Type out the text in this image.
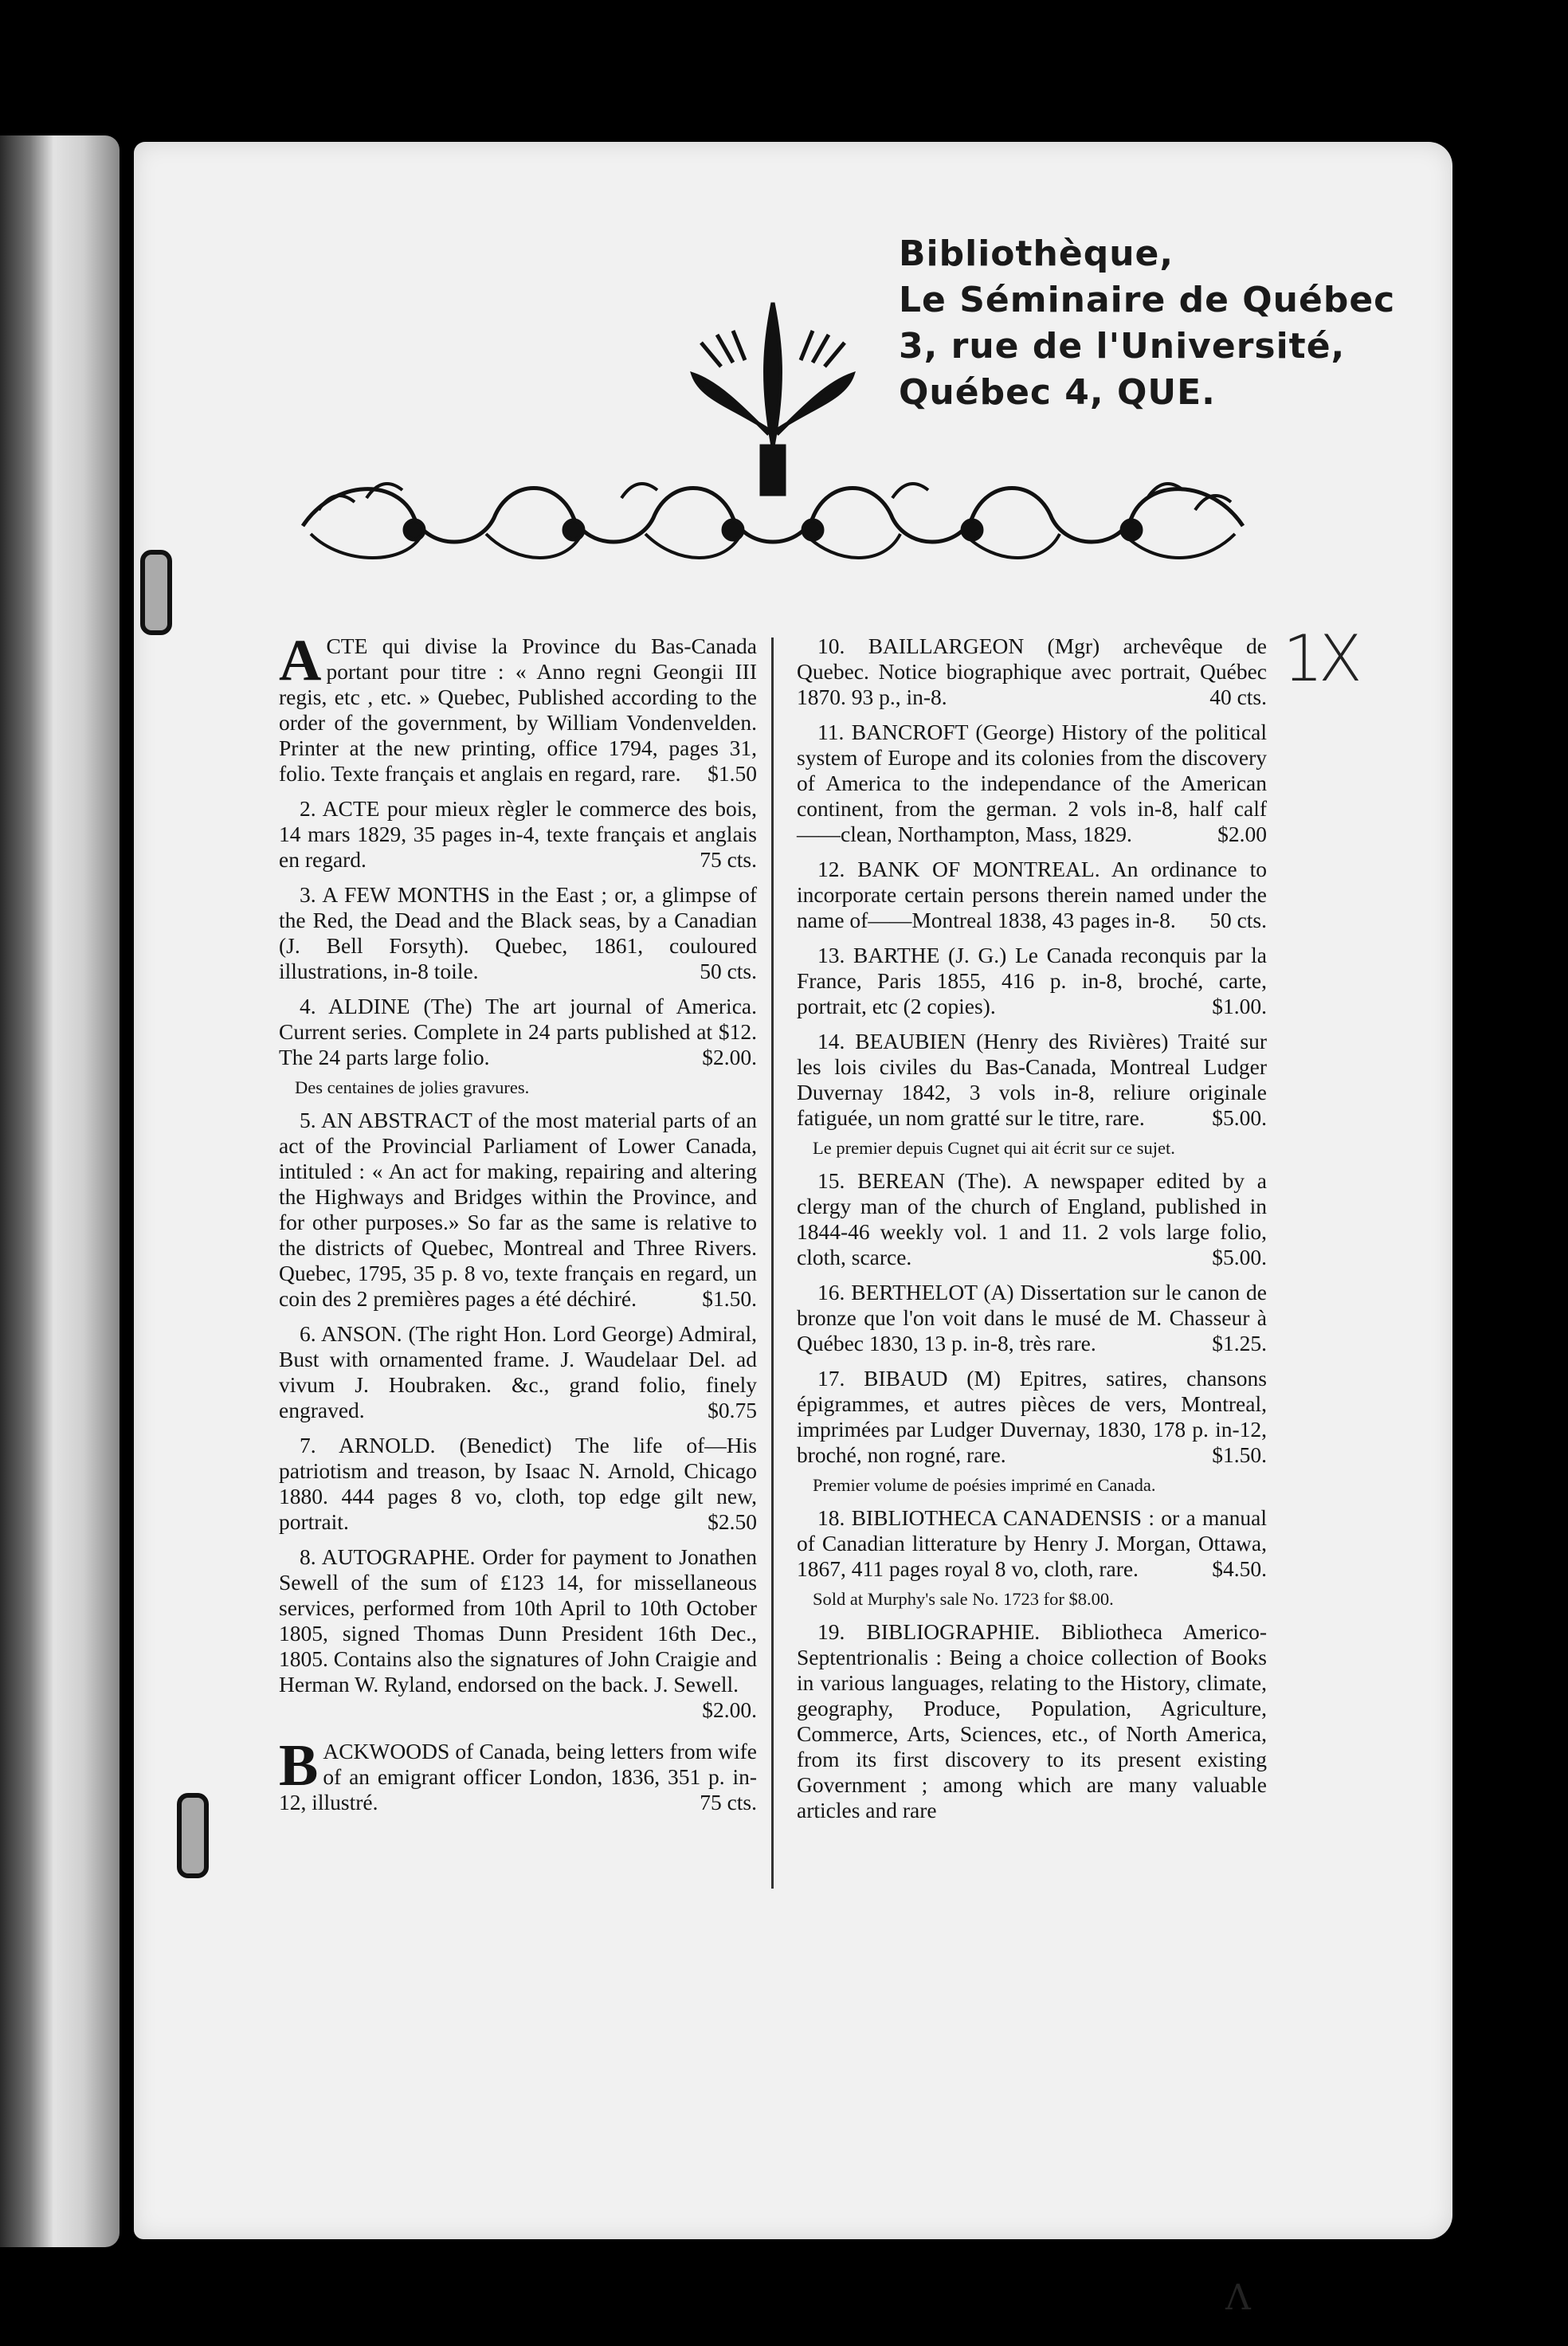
Bibliothèque,
Le Séminaire de Québec
3, rue de l'Université,
Québec 4, QUE.
1X
ACTE qui divise la Province du Bas-Canada portant pour titre : « Anno regni Geongii III regis, etc , etc. » Quebec, Published according to the order of the government, by William Vondenvelden. Printer at the new printing, office 1794, pages 31, folio. Texte français et anglais en regard, rare. $1.50
2. ACTE pour mieux règler le commerce des bois, 14 mars 1829, 35 pages in-4, texte français et anglais en regard.	75 cts.
3. A FEW MONTHS in the East ; or, a glimpse of the Red, the Dead and the Black seas, by a Canadian (J. Bell Forsyth). Quebec, 1861, couloured illustrations, in-8 toile.	50 cts.
4. ALDINE (The) The art journal of America. Current series. Complete in 24 parts published at $12. The 24 parts large folio.	$2.00.
Des centaines de jolies gravures.
5. AN ABSTRACT of the most material parts of an act of the Provincial Parliament of Lower Canada, intituled : « An act for making, repairing and altering the Highways and Bridges within the Province, and for other purposes.» So far as the same is relative to the districts of Quebec, Montreal and Three Rivers. Quebec, 1795, 35 p. 8 vo, texte français en regard, un coin des 2 premières pages a été déchiré.	$1.50.
6. ANSON. (The right Hon. Lord George) Admiral, Bust with ornamented frame. J. Waudelaar Del. ad vivum J. Houbraken. &c., grand folio, finely engraved.	$0.75
7. ARNOLD. (Benedict) The life of—His patriotism and treason, by Isaac N. Arnold, Chicago 1880. 444 pages 8 vo, cloth, top edge gilt new, portrait.	$2.50
8. AUTOGRAPHE. Order for payment to Jonathen Sewell of the sum of £123 14, for missellaneous services, performed from 10th April to 10th October 1805, signed Thomas Dunn President 16th Dec., 1805. Contains also the signatures of John Craigie and Herman W. Ryland, endorsed on the back. J. Sewell.
$2.00.
BACKWOODS of Canada, being letters from wife of an emigrant officer London, 1836, 351 p. in-12, illustré.	75 cts.
10. BAILLARGEON (Mgr) archevêque de Quebec. Notice biographique avec portrait, Québec 1870. 93 p., in-8.	40 cts.
11. BANCROFT (George) History of the political system of Europe and its colonies from the discovery of America to the independance of the American continent, from the german. 2 vols in-8, half calf——clean, Northampton, Mass, 1829.	$2.00
12. BANK OF MONTREAL. An ordinance to incorporate certain persons therein named under the name of——Montreal 1838, 43 pages in-8.	50 cts.
13. BARTHE (J. G.) Le Canada reconquis par la France, Paris 1855, 416 p. in-8, broché, carte, portrait, etc (2 copies).	$1.00.
14. BEAUBIEN (Henry des Rivières) Traité sur les lois civiles du Bas-Canada, Montreal Ludger Duvernay 1842, 3 vols in-8, reliure originale fatiguée, un nom gratté sur le titre, rare.	$5.00.
Le premier depuis Cugnet qui ait écrit sur ce sujet.
15. BEREAN (The). A newspaper edited by a clergy man of the church of England, published in 1844-46 weekly vol. 1 and 11. 2 vols large folio, cloth, scarce.	$5.00.
16. BERTHELOT (A) Dissertation sur le canon de bronze que l'on voit dans le musé de M. Chasseur à Québec 1830, 13 p. in-8, très rare.	$1.25.
17. BIBAUD (M) Epitres, satires, chansons épigrammes, et autres pièces de vers, Montreal, imprimées par Ludger Duvernay, 1830, 178 p. in-12, broché, non rogné, rare.	$1.50.
Premier volume de poésies imprimé en Canada.
18. BIBLIOTHECA CANADENSIS : or a manual of Canadian litterature by Henry J. Morgan, Ottawa, 1867, 411 pages royal 8 vo, cloth, rare.	$4.50.
Sold at Murphy's sale No. 1723 for $8.00.
19. BIBLIOGRAPHIE. Bibliotheca Americo-Septentrionalis : Being a choice collection of Books in various languages, relating to the History, climate, geography, Produce, Population, Agriculture, Commerce, Arts, Sciences, etc., of North America, from its first discovery to its present existing Government ; among which are many valuable articles and rare
Λ
